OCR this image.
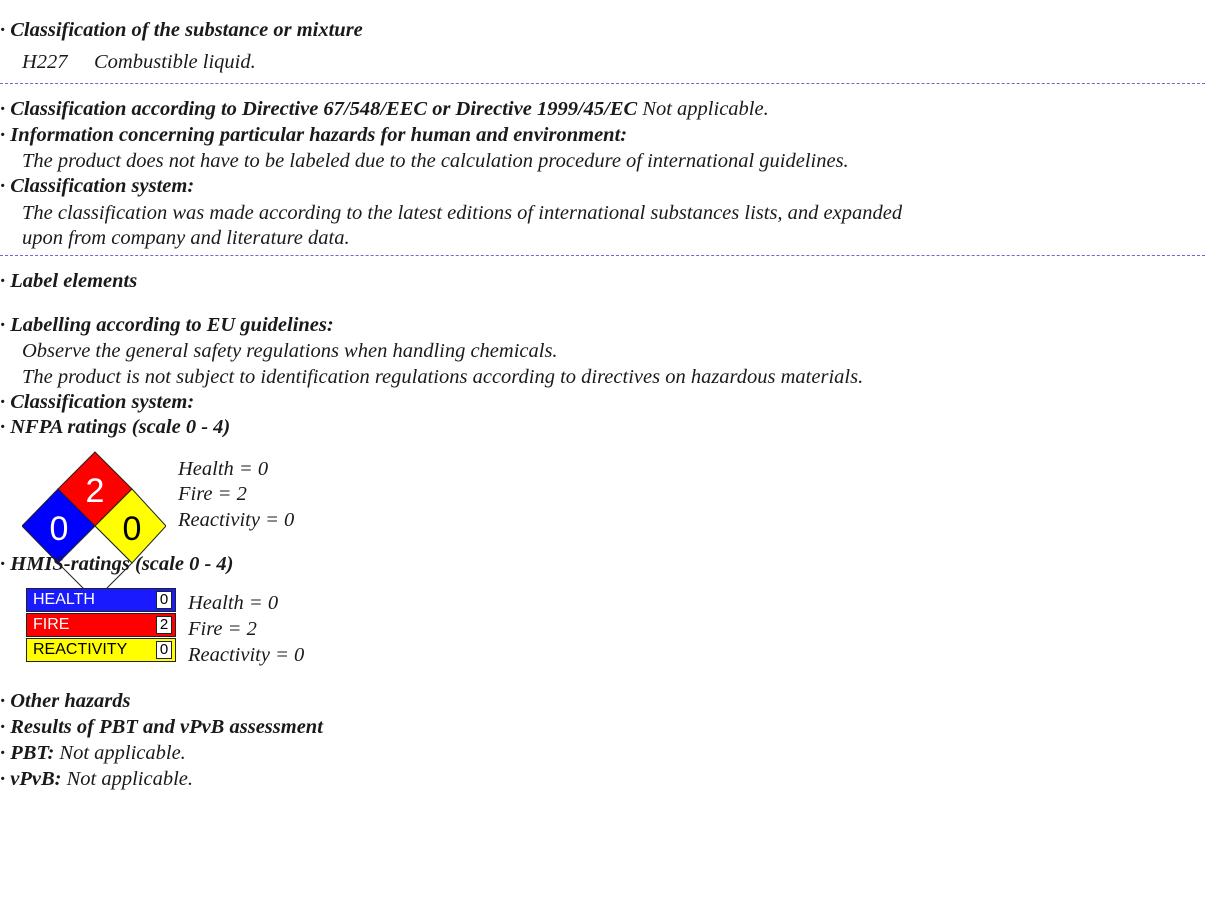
· Classification of the substance or mixture
H227 Combustible liquid.
· Classification according to Directive 67/548/EEC or Directive 1999/45/EC Not applicable.
· Information concerning particular hazards for human and environment:
The product does not have to be labeled due to the calculation procedure of international guidelines.
· Classification system:
The classification was made according to the latest editions of international substances lists, and expanded
upon from company and literature data.
· Label elements
· Labelling according to EU guidelines:
Observe the general safety regulations when handling chemicals.
The product is not subject to identification regulations according to directives on hazardous materials.
· Classification system:
· NFPA ratings (scale 0 - 4)
2
0	0
Health = 0
Fire = 2
Reactivity = 0
· HMIS-ratings (scale 0 - 4)
HEALTH	0
FIRE	2
REACTIVITY 0
Health = 0
Fire = 2
Reactivity = 0
· Other hazards
· Results of PBT and vPvB assessment
· PBT: Not applicable.
· vPvB: Not applicable.
